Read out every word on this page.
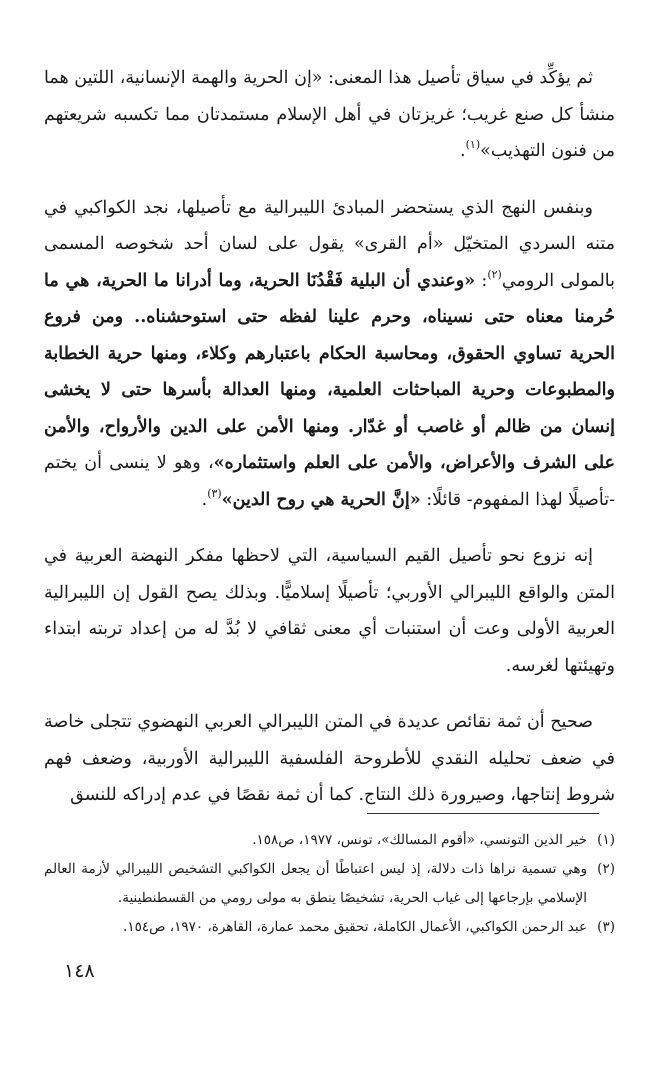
ثم يؤكِّد في سياق تأصيل هذا المعنى: «إن الحرية والهمة الإنسانية، اللتين هما منشأ كل صنع غريب؛ غريزتان في أهل الإسلام مستمدتان مما تكسبه شريعتهم من فنون التهذيب»$^{(١)}$.

وبنفس النهج الذي يستحضر المبادئ الليبرالية مع تأصيلها، نجد الكواكبي في متنه السردي المتخيّل «أم القرى» يقول على لسان أحد شخوصه المسمى بالمولى الرومي$^{(٢)}$: «وعندي أن البلية فَقْدُنَا الحرية، وما أدرانا ما الحرية، هي ما حُرمنا معناه حتى نسيناه، وحرم علينا لفظه حتى استوحشناه.. ومن فروع الحرية تساوي الحقوق، ومحاسبة الحكام باعتبارهم وكلاء، ومنها حرية الخطابة والمطبوعات وحرية المباحثات العلمية، ومنها العدالة بأسرها حتى لا يخشى إنسان من ظالم أو غاصب أو غدّار. ومنها الأمن على الدين والأرواح، والأمن على الشرف والأعراض، والأمن على العلم واستثماره»، وهو لا ينسى أن يختم -تأصيلًا لهذا المفهوم- قائلًا: «إنَّ الحرية هي روح الدين»$^{(٣)}$.

إنه نزوع نحو تأصيل القيم السياسية، التي لاحظها مفكر النهضة العربية في المتن والواقع الليبرالي الأوربي؛ تأصيلًا إسلاميًّا. وبذلك يصح القول إن الليبرالية العربية الأولى وعت أن استنبات أي معنى ثقافي لا بُدَّ له من إعداد تربته ابتداء وتهيئتها لغرسه.

صحيح أن ثمة نقائص عديدة في المتن الليبرالي العربي النهضوي تتجلى خاصة في ضعف تحليله النقدي للأطروحة الفلسفية الليبرالية الأوربية، وضعف فهم شروط إنتاجها، وصيرورة ذلك النتاج. كما أن ثمة نقصًا في عدم إدراكه للنسق

(١)
خير الدين التونسي، «أقوم المسالك»، تونس، ١٩٧٧، ص١٥٨.
(٢)
وهي تسمية نراها ذات دلالة، إذ ليس اعتباطًا أن يجعل الكواكبي التشخيص الليبرالي لأزمة العالم الإسلامي بإرجاعها إلى غياب الحرية، تشخيصًا ينطق به مولى رومي من القسطنطينية.
(٣)
عبد الرحمن الكواكبي، الأعمال الكاملة، تحقيق محمد عمارة، القاهرة، ١٩٧٠، ص١٥٤.
١٤٨
